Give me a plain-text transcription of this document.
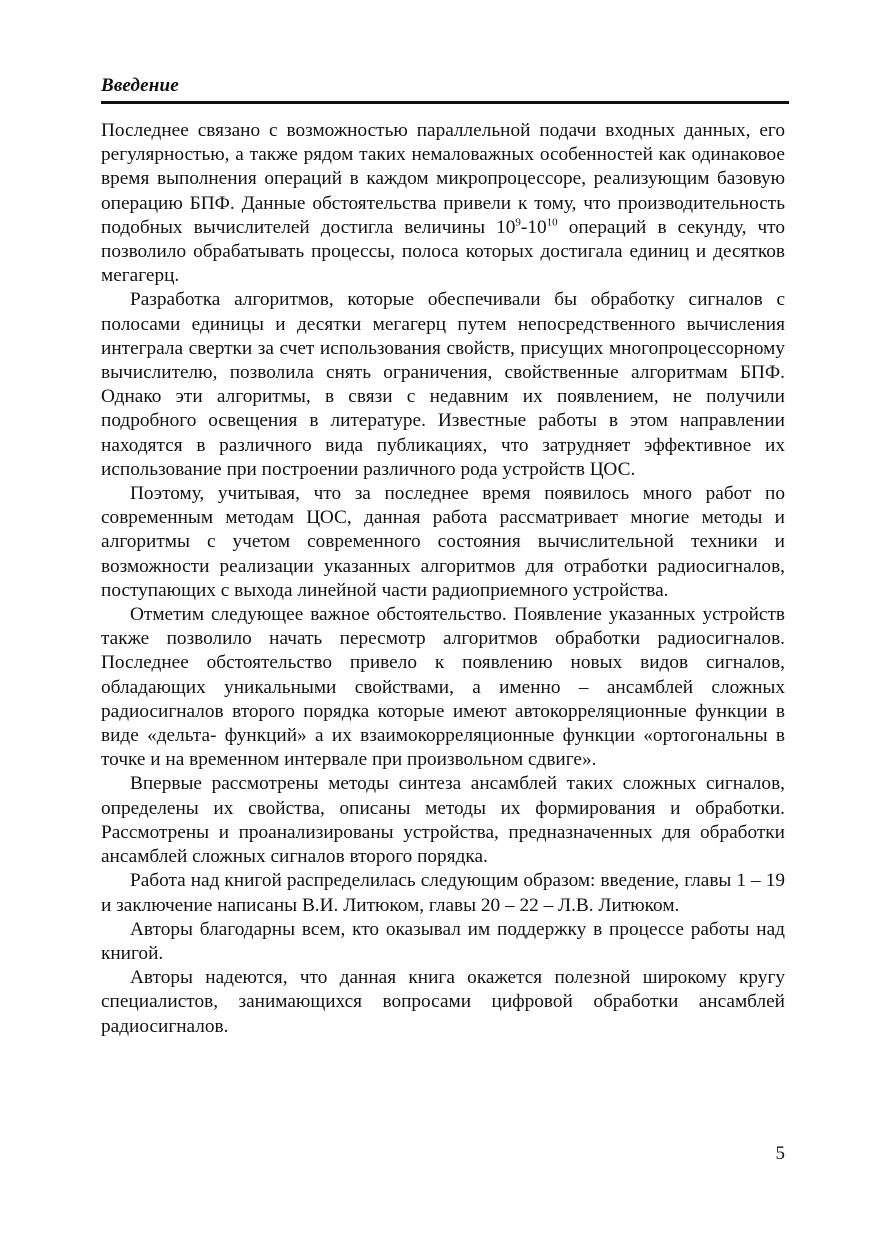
Введение

Последнее связано с возможностью параллельной подачи входных данных, его регулярностью, а также рядом таких немаловажных особенностей как одинаковое время выполнения операций в каждом микропроцессоре, реализующим базовую операцию БПФ. Данные обстоятельства привели к тому, что производительность подобных вычислителей достигла величины $10^9-10^{10}$ операций в секунду, что позволило обрабатывать процессы, полоса которых достигала единиц и десятков мегагерц.

Разработка алгоритмов, которые обеспечивали бы обработку сигналов с полосами единицы и десятки мегагерц путем непосредственного вычисления интеграла свертки за счет использования свойств, присущих многопроцессорному вычислителю, позволила снять ограничения, свойственные алгоритмам БПФ. Однако эти алгоритмы, в связи с недавним их появлением, не получили подробного освещения в литературе. Известные работы в этом направлении находятся в различного вида публикациях, что затрудняет эффективное их использование при построении различного рода устройств ЦОС.

Поэтому, учитывая, что за последнее время появилось много работ по современным методам ЦОС, данная работа рассматривает многие методы и алгоритмы с учетом современного состояния вычислительной техники и возможности реализации указанных алгоритмов для отработки радиосигналов, поступающих с выхода линейной части радиоприемного устройства.

Отметим следующее важное обстоятельство. Появление указанных устройств также позволило начать пересмотр алгоритмов обработки радиосигналов. Последнее обстоятельство привело к появлению новых видов сигналов, обладающих уникальными свойствами, а именно – ансамблей сложных радиосигналов второго порядка которые имеют автокорреляционные функции в виде «дельта- функций» а их взаимокорреляционные функции «ортогональны в точке и на временном интервале при произвольном сдвиге».

Впервые рассмотрены методы синтеза ансамблей таких сложных сигналов, определены их свойства, описаны методы их формирования и обработки. Рассмотрены и проанализированы устройства, предназначенных для обработки ансамблей сложных сигналов второго порядка.

Работа над книгой распределилась следующим образом: введение, главы 1 – 19 и заключение написаны В.И. Литюком, главы 20 – 22 – Л.В. Литюком.

Авторы благодарны всем, кто оказывал им поддержку в процессе работы над книгой.

Авторы надеются, что данная книга окажется полезной широкому кругу специалистов, занимающихся вопросами цифровой обработки ансамблей радиосигналов.

5
